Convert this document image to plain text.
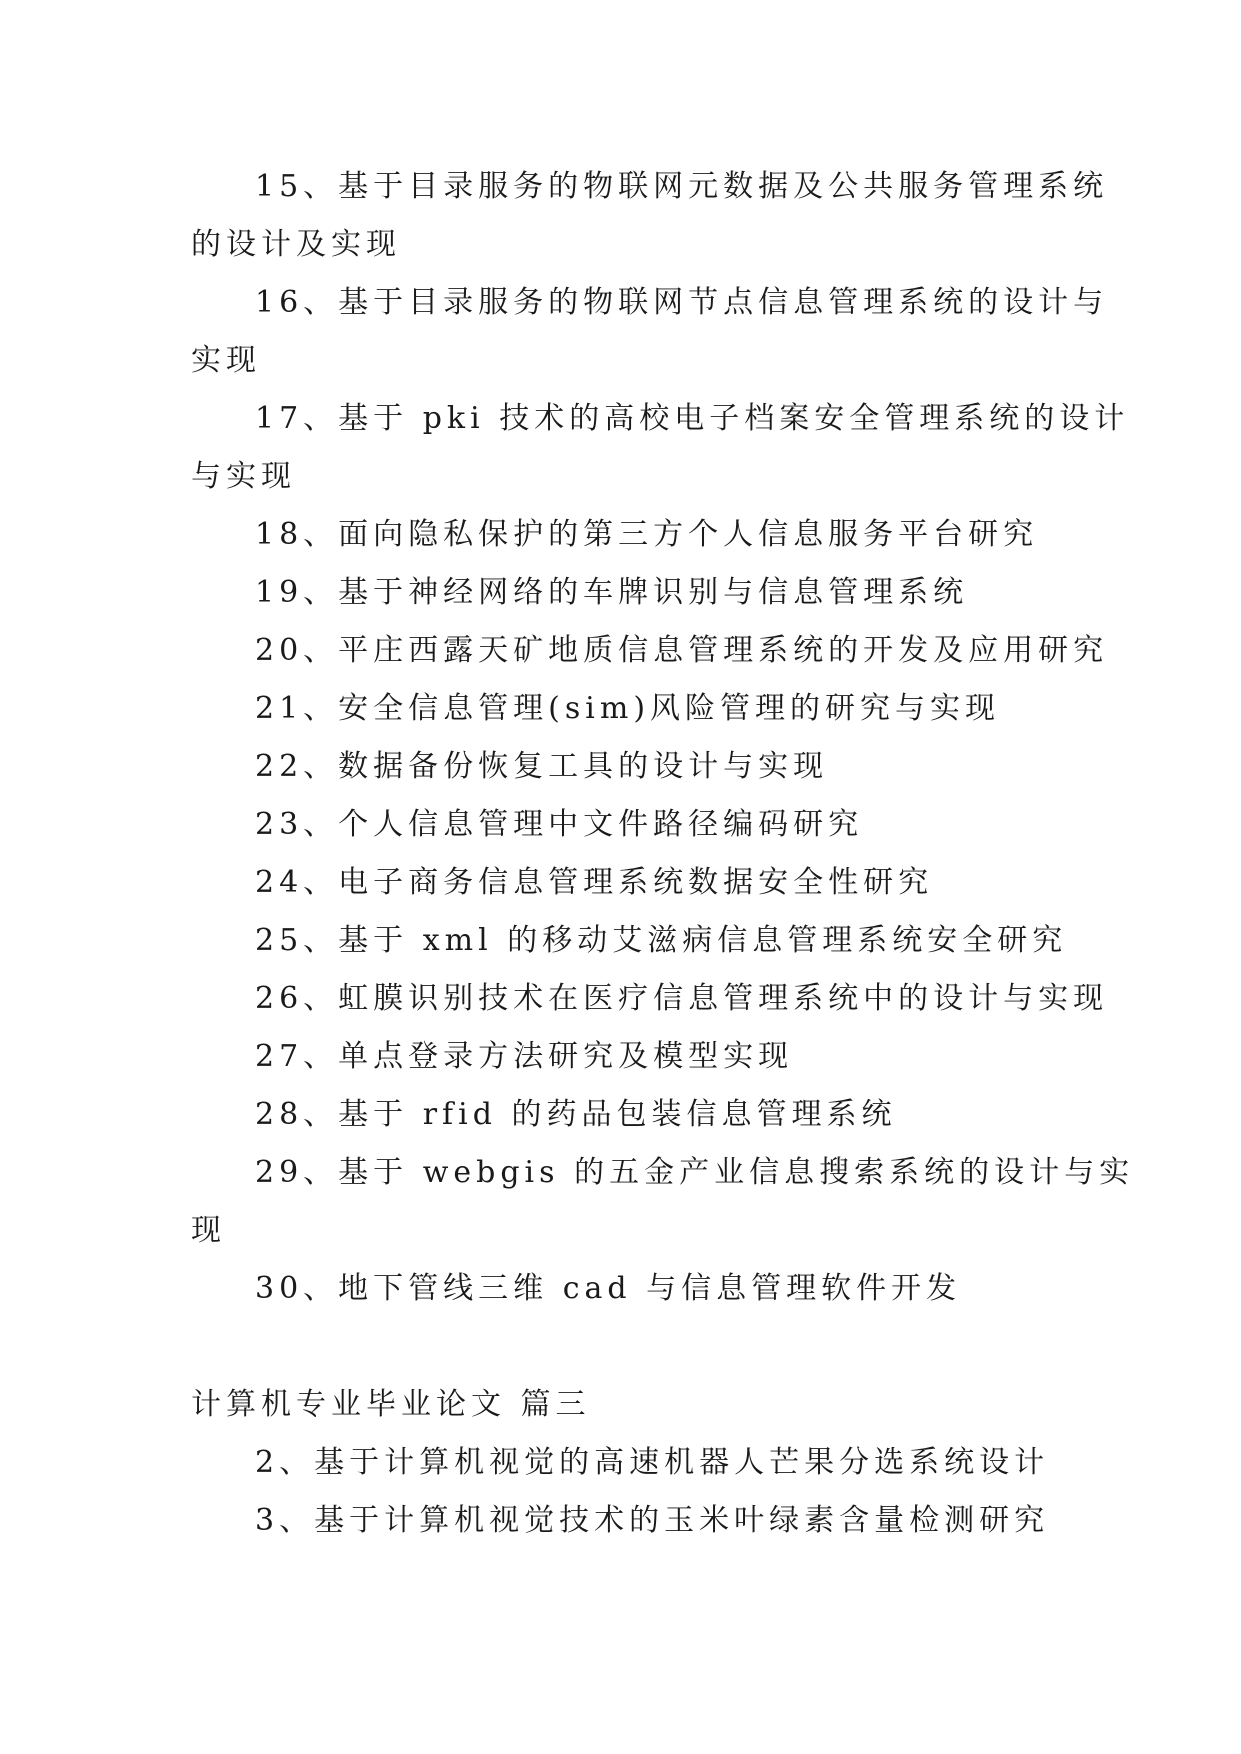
15、基于目录服务的物联网元数据及公共服务管理系统

的设计及实现

16、基于目录服务的物联网节点信息管理系统的设计与

实现

17、基于 pki 技术的高校电子档案安全管理系统的设计

与实现

18、面向隐私保护的第三方个人信息服务平台研究

19、基于神经网络的车牌识别与信息管理系统

20、平庄西露天矿地质信息管理系统的开发及应用研究

21、安全信息管理(sim)风险管理的研究与实现

22、数据备份恢复工具的设计与实现

23、个人信息管理中文件路径编码研究

24、电子商务信息管理系统数据安全性研究

25、基于 xml 的移动艾滋病信息管理系统安全研究

26、虹膜识别技术在医疗信息管理系统中的设计与实现

27、单点登录方法研究及模型实现

28、基于 rfid 的药品包装信息管理系统

29、基于 webgis 的五金产业信息搜索系统的设计与实

现

30、地下管线三维 cad 与信息管理软件开发

计算机专业毕业论文 篇三

2、基于计算机视觉的高速机器人芒果分选系统设计

3、基于计算机视觉技术的玉米叶绿素含量检测研究
